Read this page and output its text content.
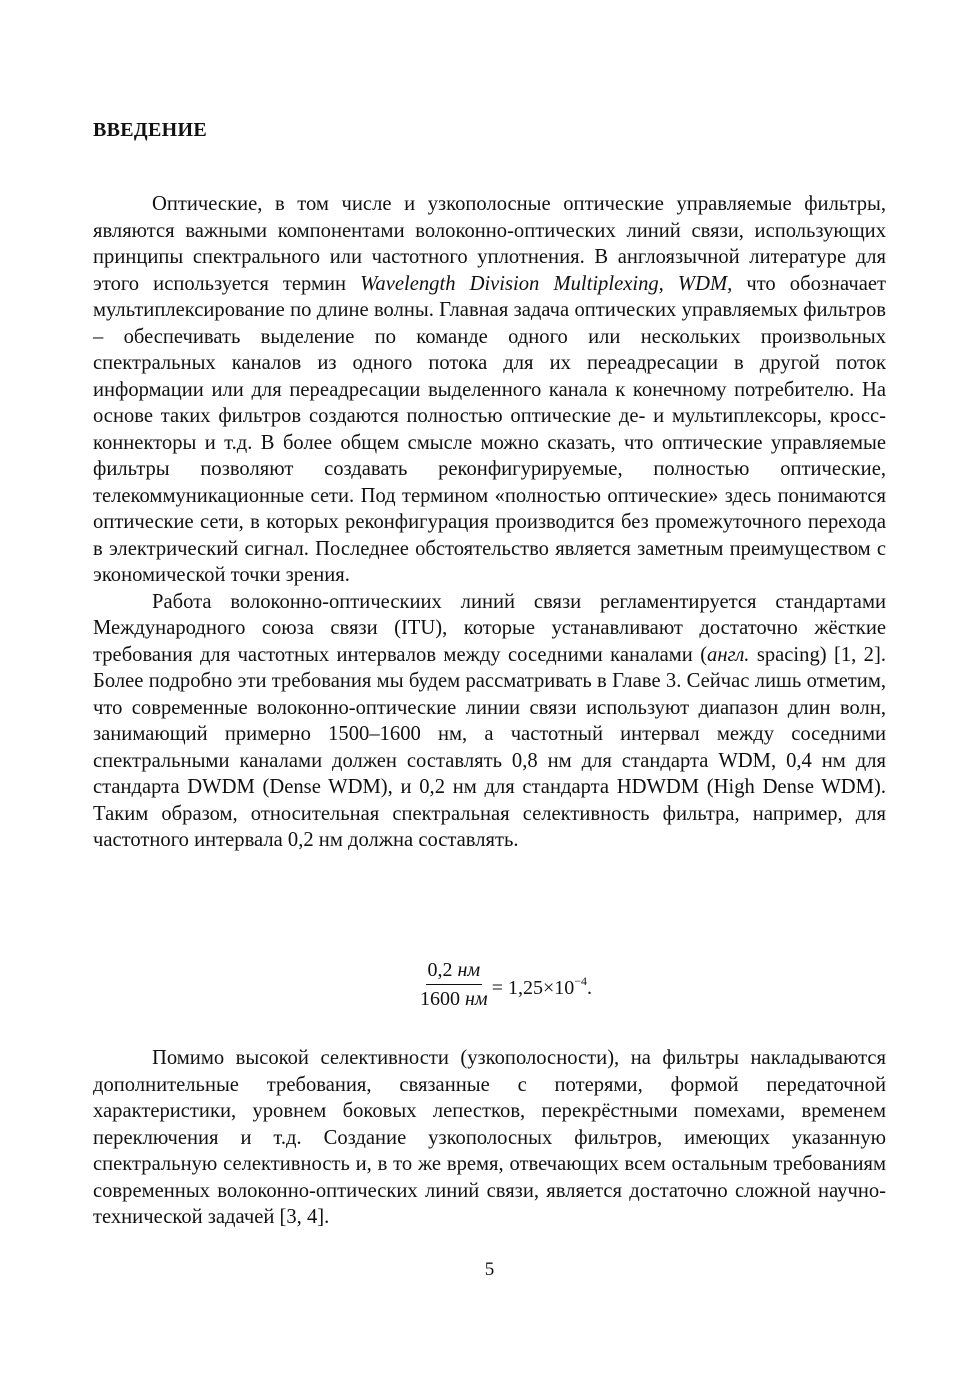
ВВЕДЕНИЕ

Оптические, в том числе и узкополосные оптические управляемые фильтры, являются важными компонентами волоконно-оптических линий связи, использующих принципы спектрального или частотного уплотнения. В англоязычной литературе для этого используется термин Wavelength Division Multiplexing, WDM, что обозначает мультиплексирование по длине волны. Главная задача оптических управляемых фильтров – обеспечивать выделение по команде одного или нескольких произвольных спектральных каналов из одного потока для их переадресации в другой поток информации или для переадресации выделенного канала к конечному потребителю. На основе таких фильтров создаются полностью оптические де- и мультиплексоры, кросс-коннекторы и т.д. В более общем смысле можно сказать, что оптические управляемые фильтры позволяют создавать реконфигурируемые, полностью оптические, телекоммуникационные сети. Под термином «полностью оптические» здесь понимаются оптические сети, в которых реконфигурация производится без промежуточного перехода в электрический сигнал. Последнее обстоятельство является заметным преимуществом с экономической точки зрения.

Работа волоконно-оптическиих линий связи регламентируется стандартами Международного союза связи (ITU), которые устанавливают достаточно жёсткие требования для частотных интервалов между соседними каналами (англ. spacing) [1, 2]. Более подробно эти требования мы будем рассматривать в Главе 3. Сейчас лишь отметим, что современные волоконно-оптические линии связи используют диапазон длин волн, занимающий примерно 1500–1600 нм, а частотный интервал между соседними спектральными каналами должен составлять 0,8 нм для стандарта WDM, 0,4 нм для стандарта DWDM (Dense WDM), и 0,2 нм для стандарта HDWDM (High Dense WDM). Таким образом, относительная спектральная селективность фильтра, например, для частотного интервала 0,2 нм должна составлять.

$\frac{0,2 нм}{1600 нм} = 1,25\times 10^{-4}$.

Помимо высокой селективности (узкополосности), на фильтры накладываются дополнительные требования, связанные с потерями, формой передаточной характеристики, уровнем боковых лепестков, перекрёстными помехами, временем переключения и т.д. Создание узкополосных фильтров, имеющих указанную спектральную селективность и, в то же время, отвечающих всем остальным требованиям современных волоконно-оптических линий связи, является достаточно сложной научно-технической задачей [3, 4].

5
